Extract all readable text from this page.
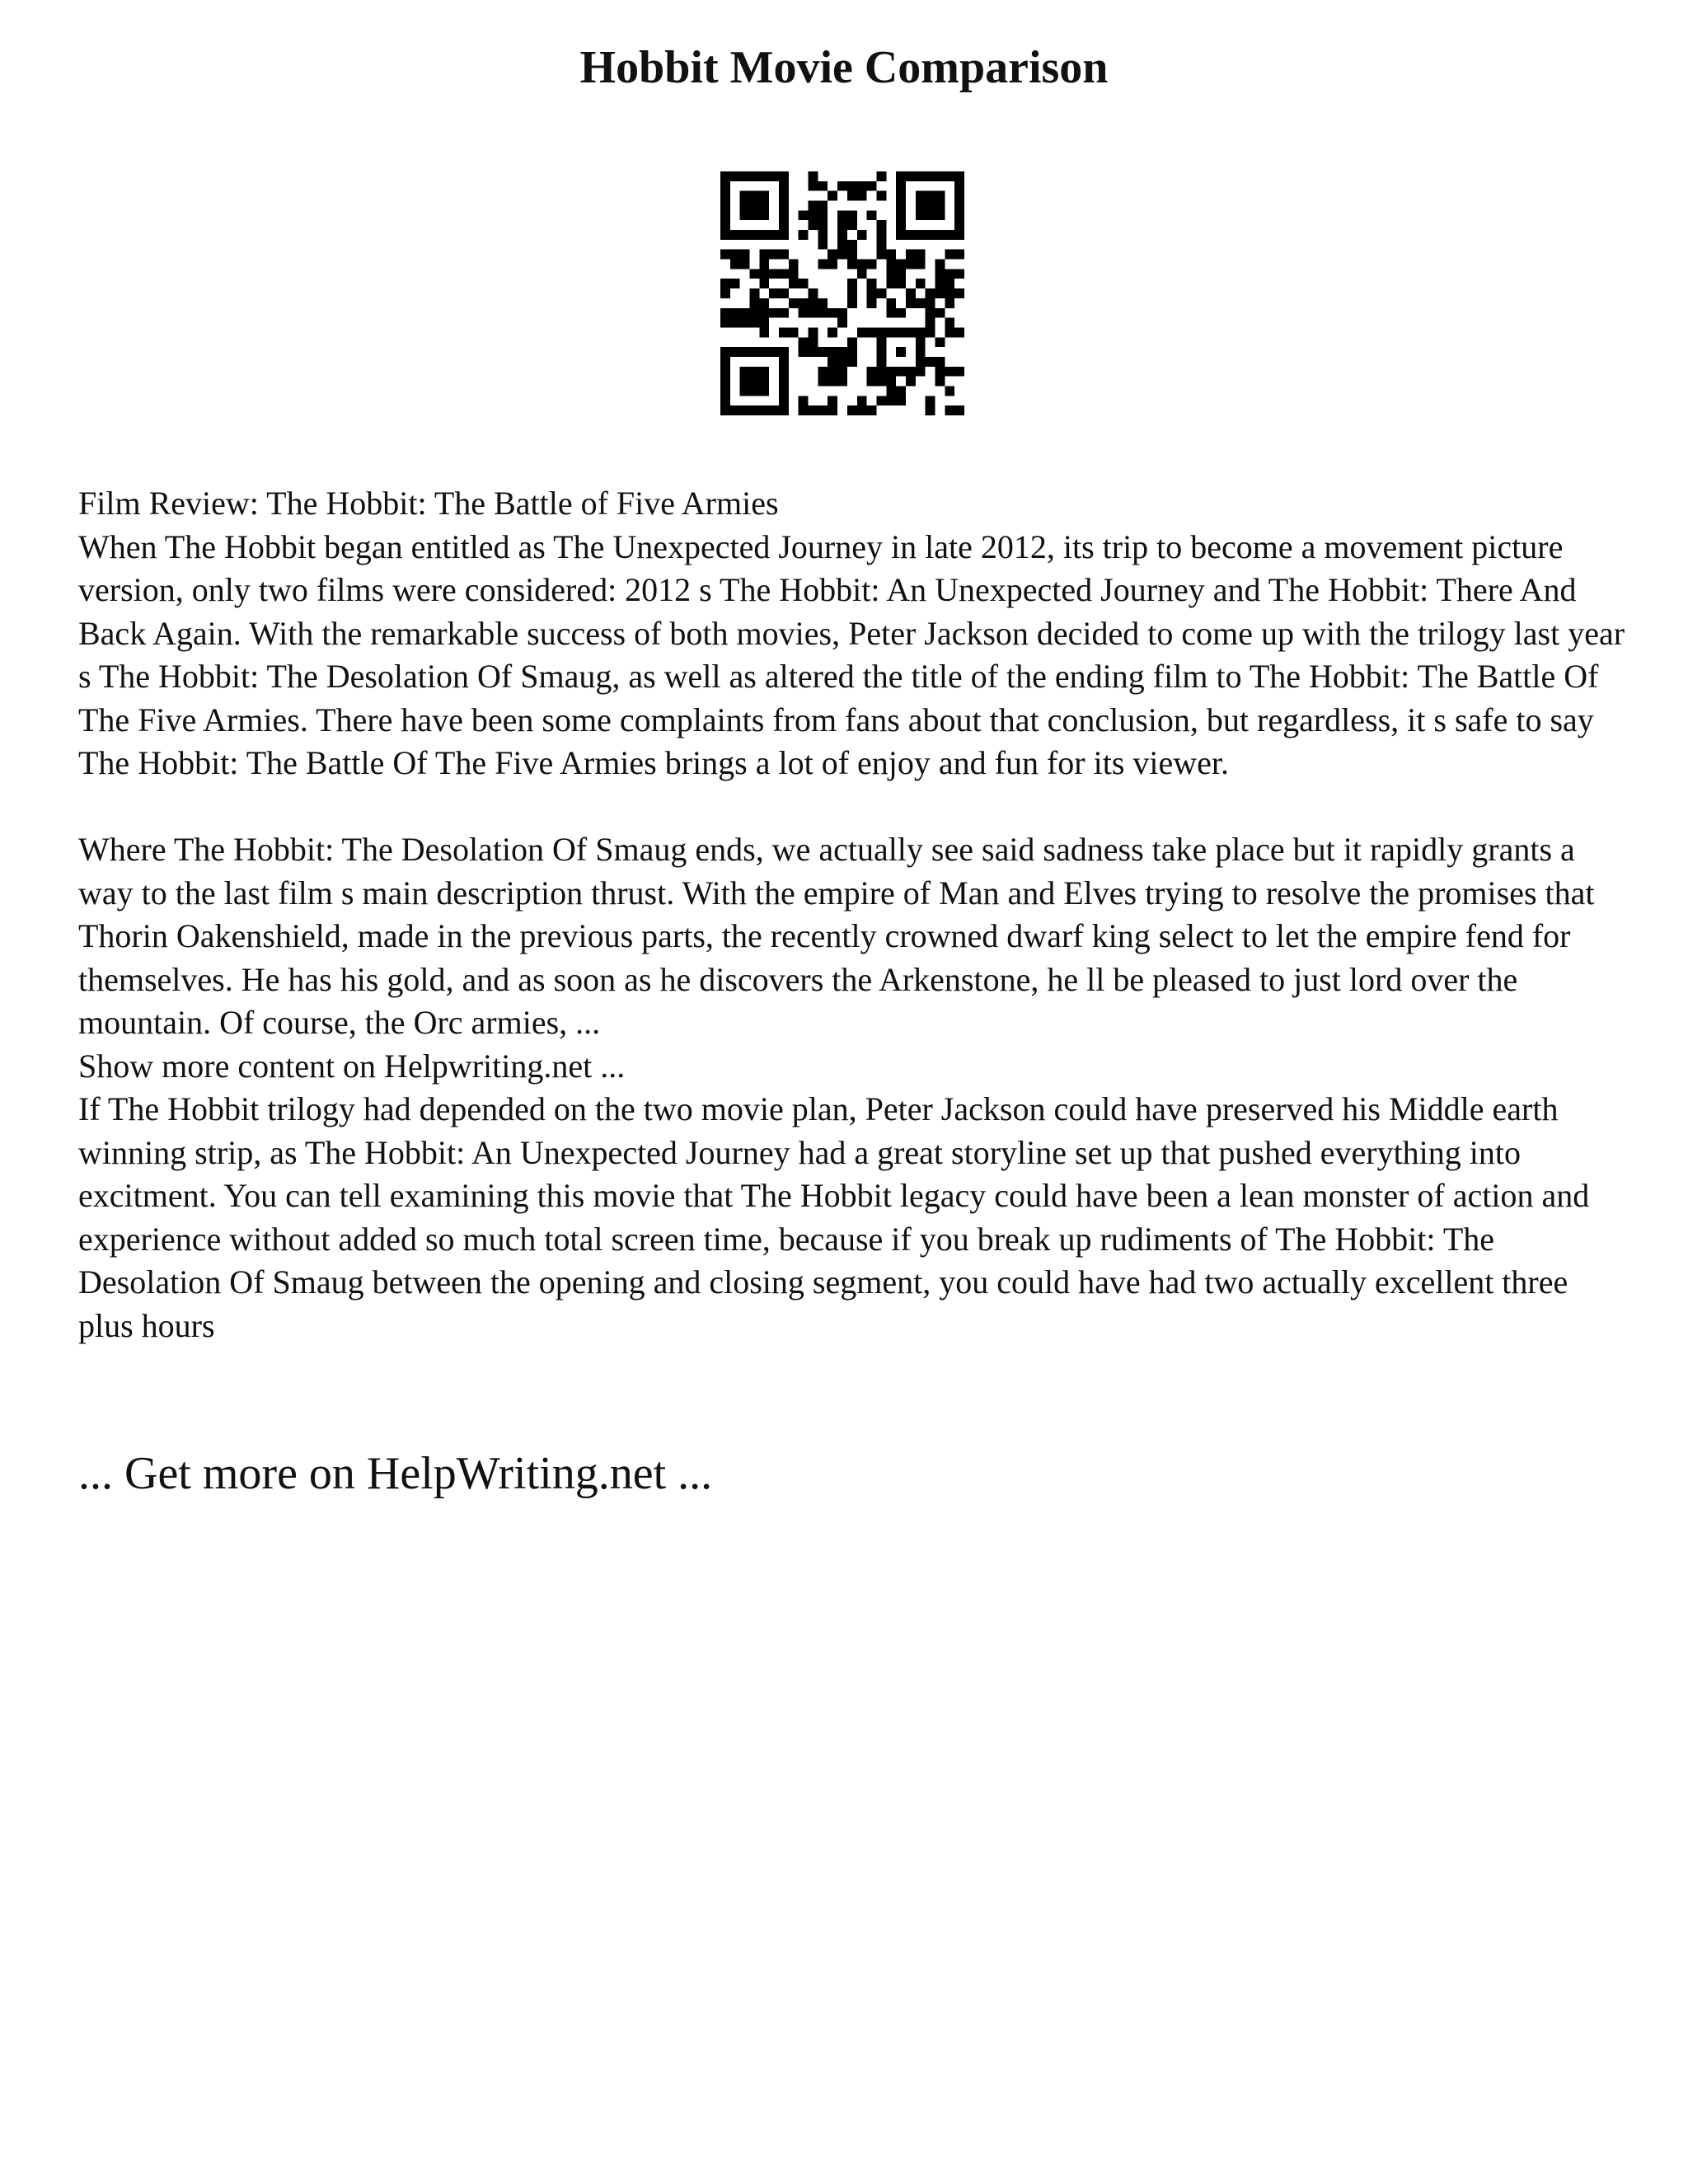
Hobbit Movie Comparison

Film Review: The Hobbit: The Battle of Five Armies

When The Hobbit began entitled as The Unexpected Journey in late 2012, its trip to become a movement picture version, only two films were considered: 2012 s The Hobbit: An Unexpected Journey and The Hobbit: There And Back Again. With the remarkable success of both movies, Peter Jackson decided to come up with the trilogy last year s The Hobbit: The Desolation Of Smaug, as well as altered the title of the ending film to The Hobbit: The Battle Of The Five Armies. There have been some complaints from fans about that conclusion, but regardless, it s safe to say The Hobbit: The Battle Of The Five Armies brings a lot of enjoy and fun for its viewer.

Where The Hobbit: The Desolation Of Smaug ends, we actually see said sadness take place but it rapidly grants a way to the last film s main description thrust. With the empire of Man and Elves trying to resolve the promises that Thorin Oakenshield, made in the previous parts, the recently crowned dwarf king select to let the empire fend for themselves. He has his gold, and as soon as he discovers the Arkenstone, he ll be pleased to just lord over the mountain. Of course, the Orc armies, ...

Show more content on Helpwriting.net ...

If The Hobbit trilogy had depended on the two movie plan, Peter Jackson could have preserved his Middle earth winning strip, as The Hobbit: An Unexpected Journey had a great storyline set up that pushed everything into excitment. You can tell examining this movie that The Hobbit legacy could have been a lean monster of action and experience without added so much total screen time, because if you break up rudiments of The Hobbit: The Desolation Of Smaug between the opening and closing segment, you could have had two actually excellent three plus hours

... Get more on HelpWriting.net ...
